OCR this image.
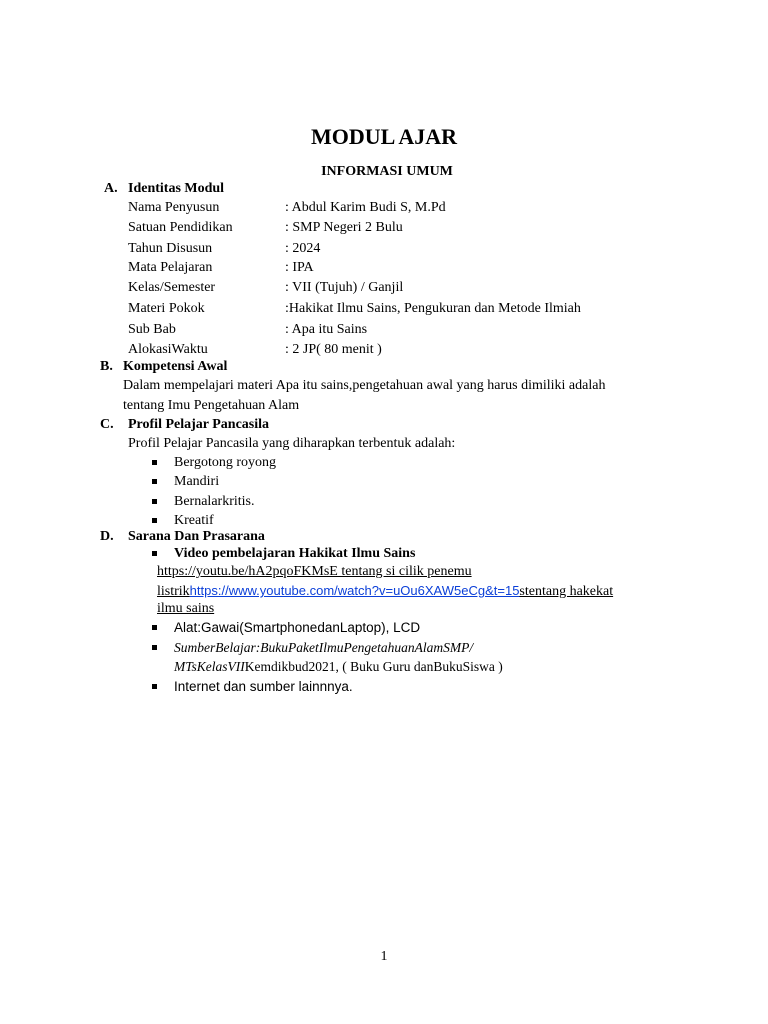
MODUL AJAR
INFORMASI UMUM
A. Identitas Modul
Nama Penyusun	: Abdul Karim Budi S, M.Pd
Satuan Pendidikan	: SMP Negeri 2 Bulu
Tahun Disusun	: 2024
Mata Pelajaran	: IPA
Kelas/Semester	: VII (Tujuh) / Ganjil
Materi Pokok	:Hakikat Ilmu Sains, Pengukuran dan Metode Ilmiah
Sub Bab	: Apa itu Sains
AlokasiWaktu	: 2 JP( 80 menit )
B. Kompetensi Awal
Dalam mempelajari materi Apa itu sains,pengetahuan awal yang harus dimiliki adalah
tentang Imu Pengetahuan Alam
C. Profil Pelajar Pancasila
Profil Pelajar Pancasila yang diharapkan terbentuk adalah:
Bergotong royong
Mandiri
Bernalarkritis.
Kreatif
D. Sarana Dan Prasarana
Video pembelajaran Hakikat Ilmu Sains
https://youtu.be/hA2pqoFKMsE tentang si cilik penemu
listrikhttps://www.youtube.com/watch?v=uOu6XAW5eCg&t=15stentang hakekat
ilmu sains
Alat:Gawai(SmartphonedanLaptop), LCD
SumberBelajar:BukuPaketIlmuPengetahuanAlamSMP/
MTsKelasVIIKemdikbud2021, ( Buku Guru danBukuSiswa )
Internet dan sumber lainnnya.
1
